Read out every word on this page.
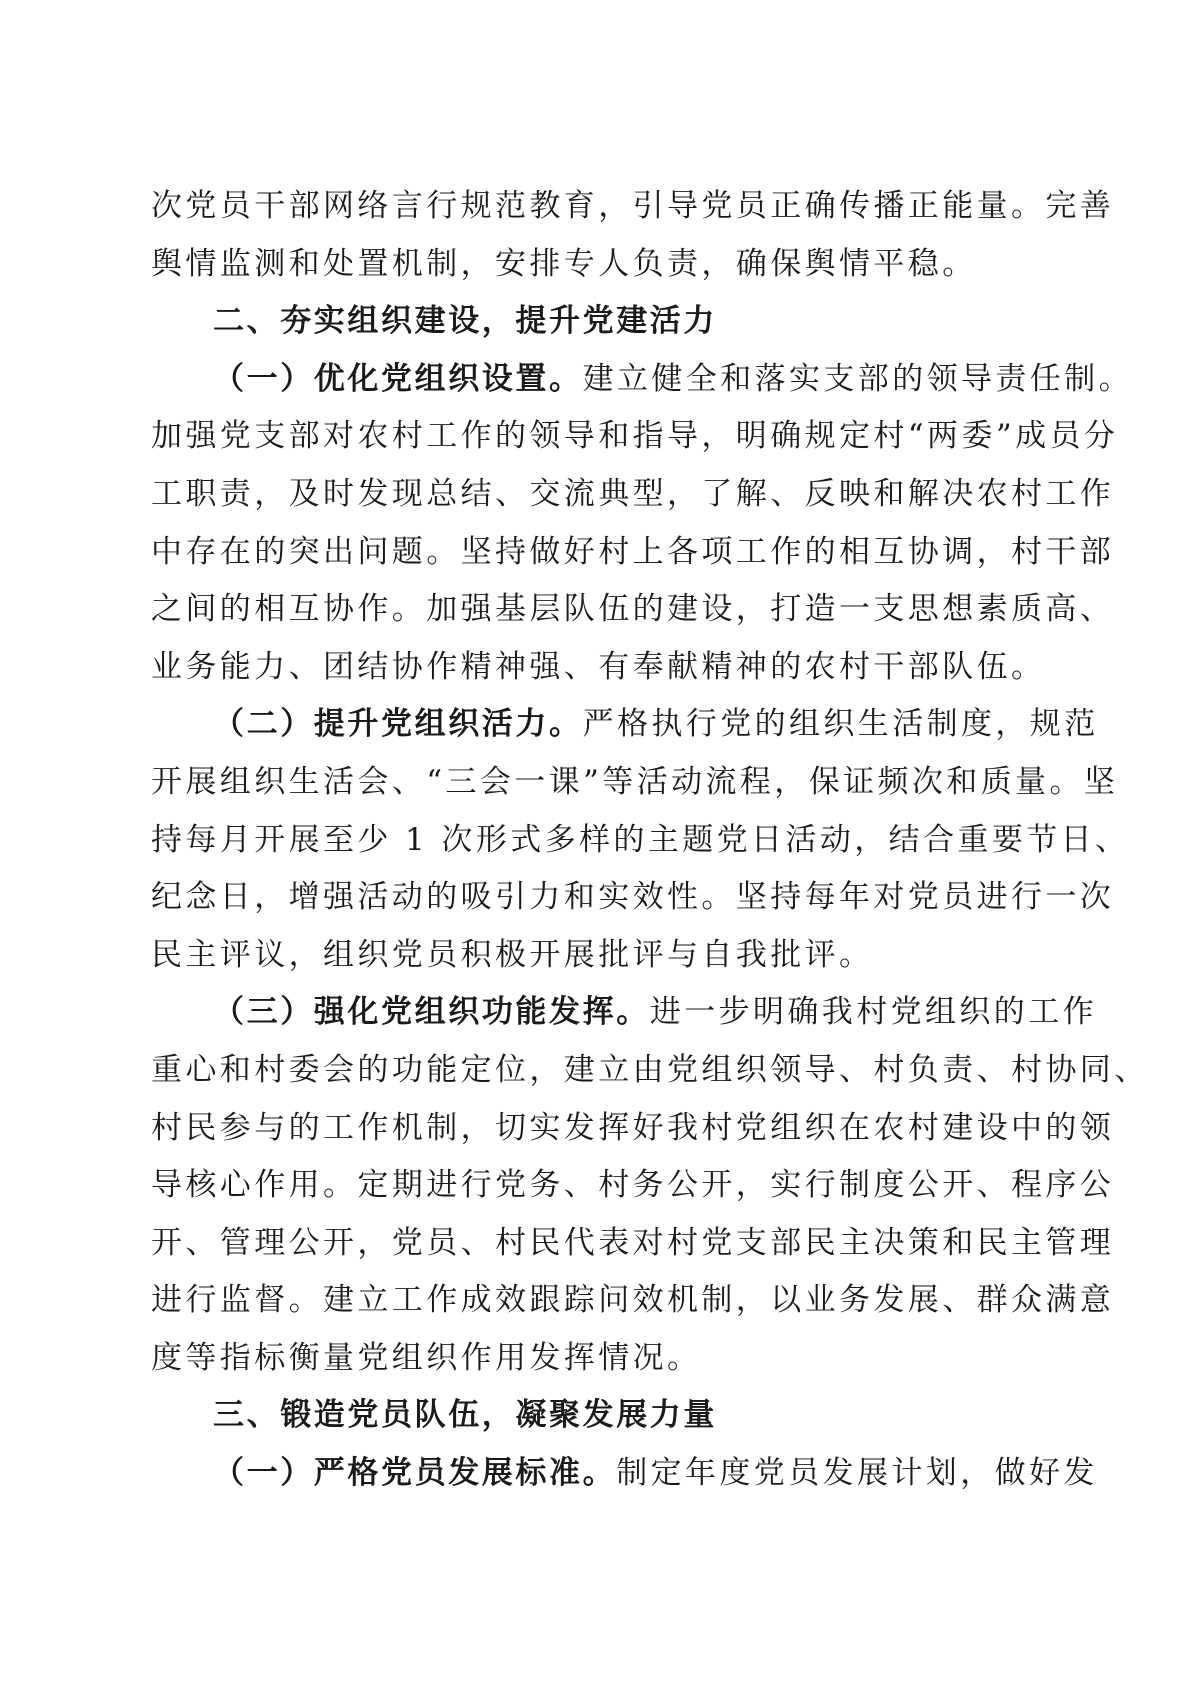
次党员干部网络言行规范教育，引导党员正确传播正能量。完善
舆情监测和处置机制，安排专人负责，确保舆情平稳。
二、夯实组织建设，提升党建活力
（一）优化党组织设置。建立健全和落实支部的领导责任制。
加强党支部对农村工作的领导和指导，明确规定村“两委”成员分
工职责，及时发现总结、交流典型，了解、反映和解决农村工作
中存在的突出问题。坚持做好村上各项工作的相互协调，村干部
之间的相互协作。加强基层队伍的建设，打造一支思想素质高、
业务能力、团结协作精神强、有奉献精神的农村干部队伍。
（二）提升党组织活力。严格执行党的组织生活制度，规范
开展组织生活会、“三会一课”等活动流程，保证频次和质量。坚
持每月开展至少 1 次形式多样的主题党日活动，结合重要节日、
纪念日，增强活动的吸引力和实效性。坚持每年对党员进行一次
民主评议，组织党员积极开展批评与自我批评。
（三）强化党组织功能发挥。进一步明确我村党组织的工作
重心和村委会的功能定位，建立由党组织领导、村负责、村协同、
村民参与的工作机制，切实发挥好我村党组织在农村建设中的领
导核心作用。定期进行党务、村务公开，实行制度公开、程序公
开、管理公开，党员、村民代表对村党支部民主决策和民主管理
进行监督。建立工作成效跟踪问效机制，以业务发展、群众满意
度等指标衡量党组织作用发挥情况。
三、锻造党员队伍，凝聚发展力量
（一）严格党员发展标准。制定年度党员发展计划，做好发
